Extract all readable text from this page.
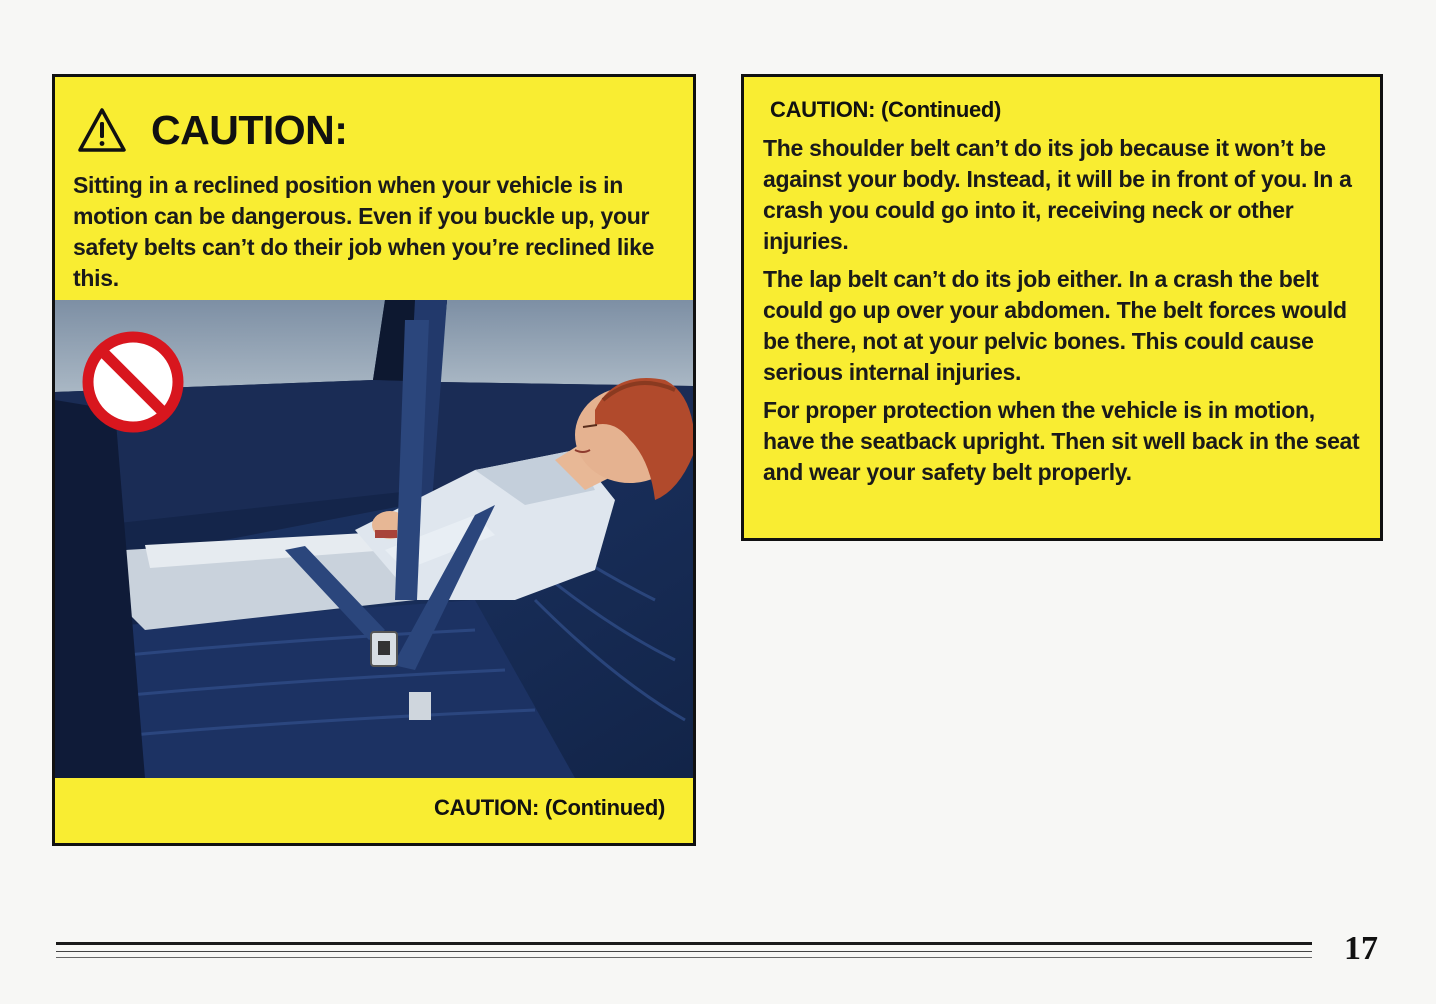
CAUTION:
Sitting in a reclined position when your vehicle is in motion can be dangerous. Even if you buckle up, your safety belts can’t do their job when you’re reclined like this.
CAUTION: (Continued)
CAUTION: (Continued)

The shoulder belt can’t do its job because it won’t be against your body. Instead, it will be in front of you. In a crash you could go into it, receiving neck or other injuries.

The lap belt can’t do its job either. In a crash the belt could go up over your abdomen. The belt forces would be there, not at your pelvic bones. This could cause serious internal injuries.

For proper protection when the vehicle is in motion, have the seatback upright. Then sit well back in the seat and wear your safety belt properly.

17
